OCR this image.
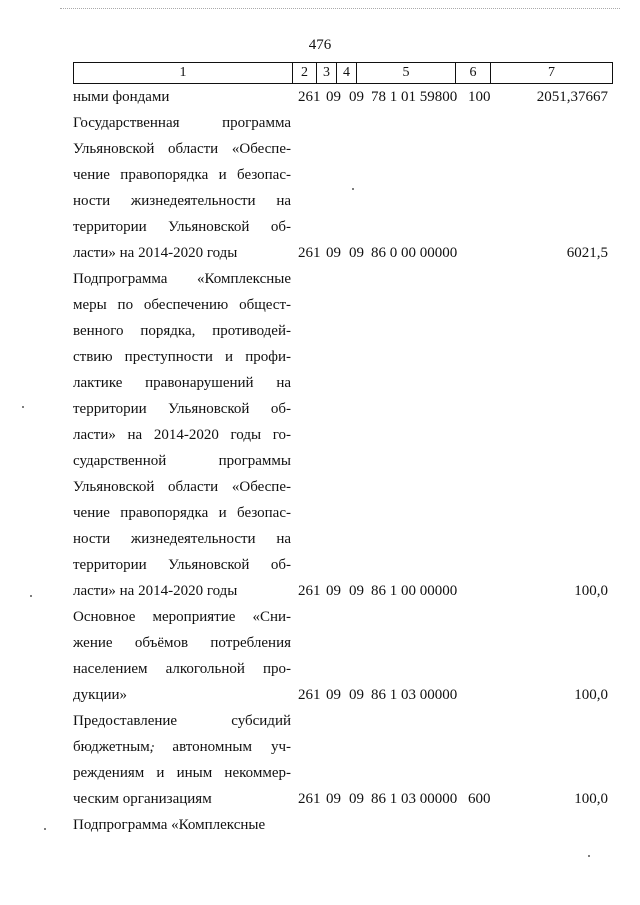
476
1	2	3	4	5	6	7
ными фондами	261 09 09 78 1 01 59800 100	2051,37667
Государственная программа
Ульяновской области «Обеспе-
чение правопорядка и безопас-
ности жизнедеятельности на
территории Ульяновской об-
ласти» на 2014-2020 годы	261 09 09 86 0 00 00000	6021,5
Подпрограмма «Комплексные
меры по обеспечению общест-
венного порядка, противодей-
ствию преступности и профи-
лактике правонарушений на
территории Ульяновской об-
ласти» на 2014-2020 годы го-
сударственной программы
Ульяновской области «Обеспе-
чение правопорядка и безопас-
ности жизнедеятельности на
территории Ульяновской об-
ласти» на 2014-2020 годы	261 09 09 86 1 00 00000	100,0
Основное мероприятие «Сни-
жение объёмов потребления
населением алкогольной про-
дукции»	261 09 09 86 1 03 00000	100,0
Предоставление субсидий
бюджетным, автономным уч-
реждениям и иным некоммер-
ческим организациям	261 09 09 86 1 03 00000 600	100,0
Подпрограмма «Комплексные
